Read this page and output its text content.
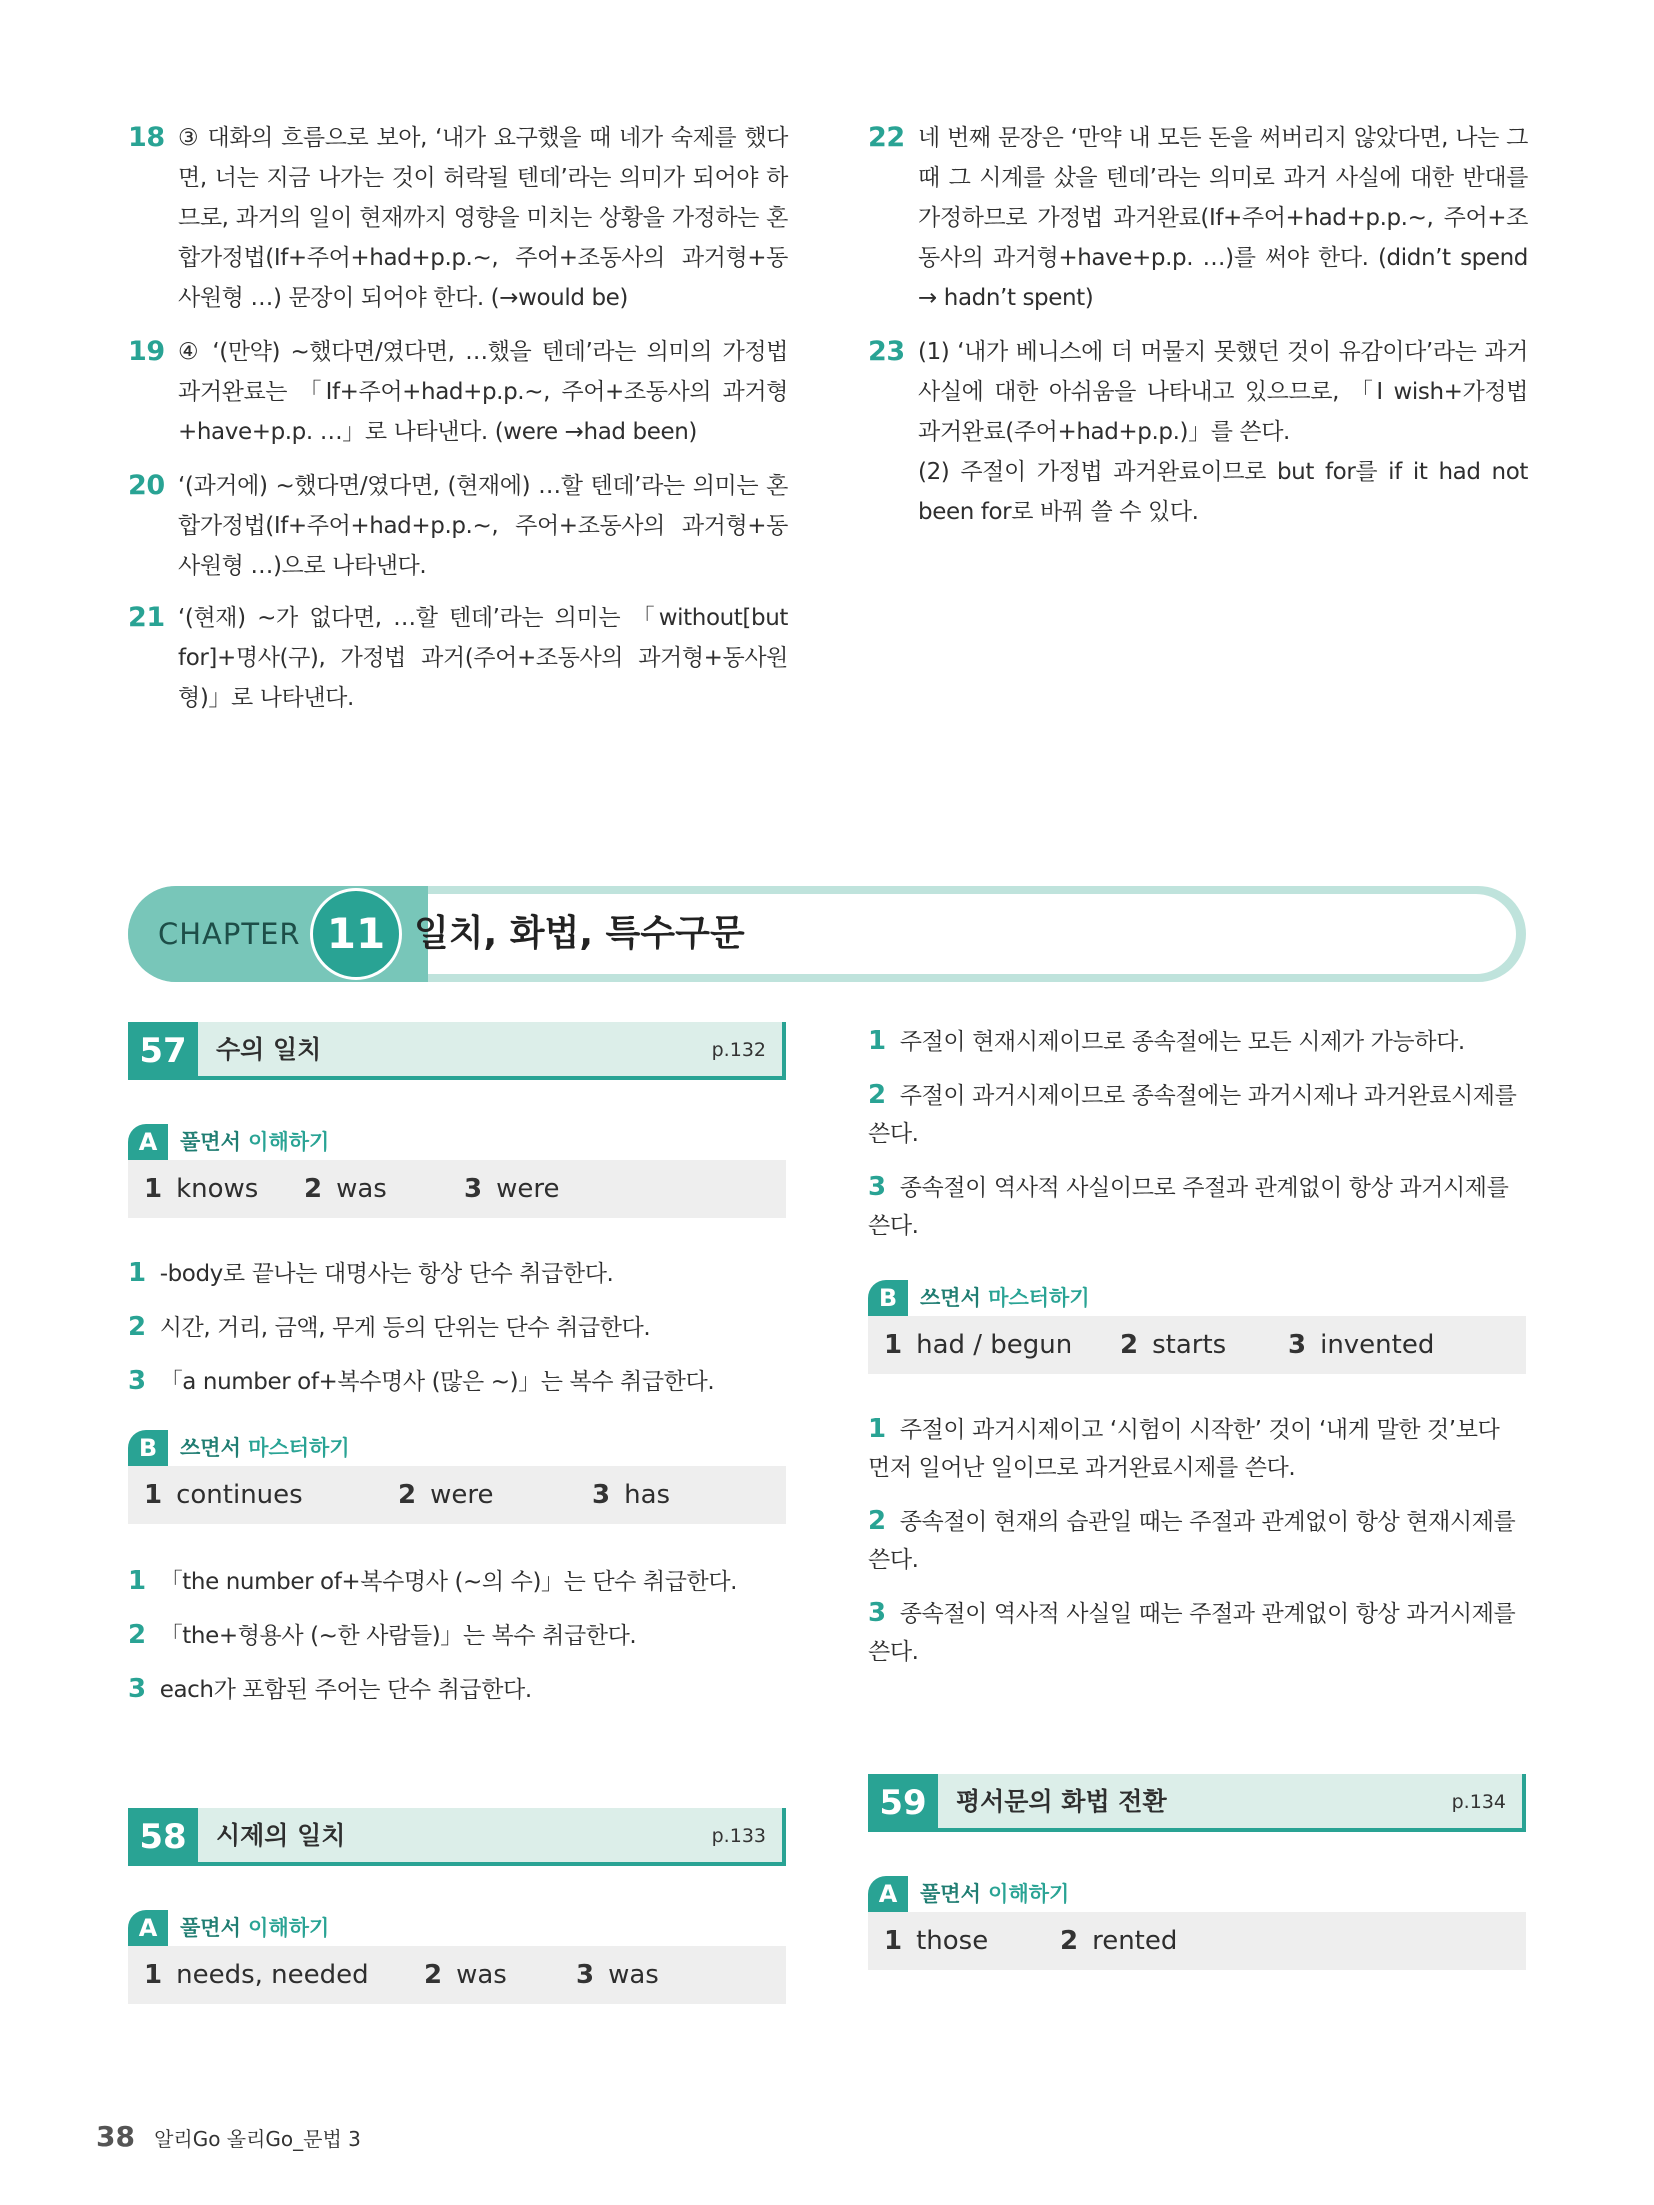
18 ③ 대화의 흐름으로 보아, ‘내가 요구했을 때 네가 숙제를 했다면, 너는 지금 나가는 것이 허락될 텐데’라는 의미가 되어야 하므로, 과거의 일이 현재까지 영향을 미치는 상황을 가정하는 혼합가정법(If+주어+had+p.p.~, 주어+조동사의 과거형+동사원형 …) 문장이 되어야 한다. (→would be)
19 ④ ‘(만약) ~했다면/였다면, …했을 텐데’라는 의미의 가정법 과거완료는 「If+주어+had+p.p.~, 주어+조동사의 과거형+have+p.p. …」로 나타낸다. (were →had been)
20 ‘(과거에) ~했다면/였다면, (현재에) …할 텐데’라는 의미는 혼합가정법(If+주어+had+p.p.~, 주어+조동사의 과거형+동사원형 …)으로 나타낸다.
21 ‘(현재) ~가 없다면, …할 텐데’라는 의미는 「without[but for]+명사(구), 가정법 과거(주어+조동사의 과거형+동사원형)」로 나타낸다.
22 네 번째 문장은 ‘만약 내 모든 돈을 써버리지 않았다면, 나는 그때 그 시계를 샀을 텐데’라는 의미로 과거 사실에 대한 반대를 가정하므로 가정법 과거완료(If+주어+had+p.p.~, 주어+조동사의 과거형+have+p.p. …)를 써야 한다. (didn’t spend → hadn’t spent)
23 (1) ‘내가 베니스에 더 머물지 못했던 것이 유감이다’라는 과거 사실에 대한 아쉬움을 나타내고 있으므로, 「I wish+가정법 과거완료(주어+had+p.p.)」를 쓴다.
(2) 주절이 가정법 과거완료이므로 but for를 if it had not been for로 바꿔 쓸 수 있다.
CHAPTER 11 일치, 화법, 특수구문
57	수의 일치	p.132
A	풀면서 이해하기
1 knows 2 was	3 were
1 -body로 끝나는 대명사는 항상 단수 취급한다.
2 시간, 거리, 금액, 무게 등의 단위는 단수 취급한다.
3 「a number of+복수명사 (많은 ~)」는 복수 취급한다.
B	쓰면서 마스터하기
1 continues	2 were	3 has
1 「the number of+복수명사 (~의 수)」는 단수 취급한다.
2 「the+형용사 (~한 사람들)」는 복수 취급한다.
3 each가 포함된 주어는 단수 취급한다.
58	시제의 일치	p.133
A	풀면서 이해하기
1 needs, needed 2 was	3 was
1 주절이 현재시제이므로 종속절에는 모든 시제가 가능하다.
2 주절이 과거시제이므로 종속절에는 과거시제나 과거완료시제를 쓴다.
3 종속절이 역사적 사실이므로 주절과 관계없이 항상 과거시제를 쓴다.
B	쓰면서 마스터하기
1 had / begun 2 starts 3 invented
1 주절이 과거시제이고 ‘시험이 시작한’ 것이 ‘내게 말한 것’보다 먼저 일어난 일이므로 과거완료시제를 쓴다.
2 종속절이 현재의 습관일 때는 주절과 관계없이 항상 현재시제를 쓴다.
3 종속절이 역사적 사실일 때는 주절과 관계없이 항상 과거시제를 쓴다.
59	평서문의 화법 전환	p.134
A	풀면서 이해하기
1 those	2 rented
38 알리Go 올리Go_문법 3
